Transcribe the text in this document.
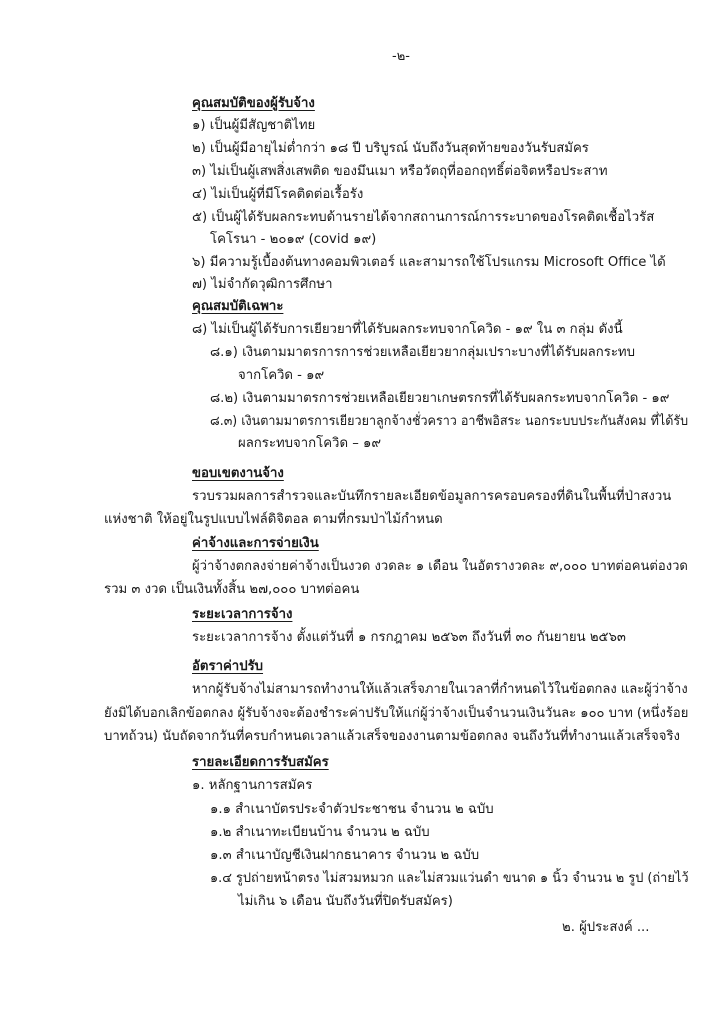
-๒-
คุณสมบัติของผู้รับจ้าง
๑) เป็นผู้มีสัญชาติไทย
๒) เป็นผู้มีอายุไม่ต่ำกว่า ๑๘ ปี บริบูรณ์ นับถึงวันสุดท้ายของวันรับสมัคร
๓) ไม่เป็นผู้เสพสิ่งเสพติด ของมึนเมา หรือวัตถุที่ออกฤทธิ์ต่อจิตหรือประสาท
๔) ไม่เป็นผู้ที่มีโรคติดต่อเรื้อรัง
๕) เป็นผู้ได้รับผลกระทบด้านรายได้จากสถานการณ์การระบาดของโรคติดเชื้อไวรัส
โคโรนา - ๒๐๑๙ (covid ๑๙)
๖) มีความรู้เบื้องต้นทางคอมพิวเตอร์ และสามารถใช้โปรแกรม Microsoft Office ได้
๗) ไม่จำกัดวุฒิการศึกษา
คุณสมบัติเฉพาะ
๘) ไม่เป็นผู้ได้รับการเยียวยาที่ได้รับผลกระทบจากโควิด - ๑๙ ใน ๓ กลุ่ม ดังนี้
๘.๑) เงินตามมาตรการการช่วยเหลือเยียวยากลุ่มเปราะบางที่ได้รับผลกระทบ
จากโควิด - ๑๙
๘.๒) เงินตามมาตรการช่วยเหลือเยียวยาเกษตรกรที่ได้รับผลกระทบจากโควิด - ๑๙
๘.๓) เงินตามมาตรการเยียวยาลูกจ้างชั่วคราว อาชีพอิสระ นอกระบบประกันสังคม ที่ได้รับ
ผลกระทบจากโควิด – ๑๙
ขอบเขตงานจ้าง
รวบรวมผลการสำรวจและบันทึกรายละเอียดข้อมูลการครอบครองที่ดินในพื้นที่ป่าสงวน
แห่งชาติ ให้อยู่ในรูปแบบไฟล์ดิจิตอล ตามที่กรมป่าไม้กำหนด
ค่าจ้างและการจ่ายเงิน
ผู้ว่าจ้างตกลงจ่ายค่าจ้างเป็นงวด งวดละ ๑ เดือน ในอัตรางวดละ ๙,๐๐๐ บาทต่อคนต่องวด
รวม ๓ งวด เป็นเงินทั้งสิ้น ๒๗,๐๐๐ บาทต่อคน
ระยะเวลาการจ้าง
ระยะเวลาการจ้าง ตั้งแต่วันที่ ๑ กรกฎาคม ๒๕๖๓ ถึงวันที่ ๓๐ กันยายน ๒๕๖๓
อัตราค่าปรับ
หากผู้รับจ้างไม่สามารถทำงานให้แล้วเสร็จภายในเวลาที่กำหนดไว้ในข้อตกลง และผู้ว่าจ้าง
ยังมิได้บอกเลิกข้อตกลง ผู้รับจ้างจะต้องชำระค่าปรับให้แก่ผู้ว่าจ้างเป็นจำนวนเงินวันละ ๑๐๐ บาท (หนึ่งร้อย
บาทถ้วน) นับถัดจากวันที่ครบกำหนดเวลาแล้วเสร็จของงานตามข้อตกลง จนถึงวันที่ทำงานแล้วเสร็จจริง
รายละเอียดการรับสมัคร
๑. หลักฐานการสมัคร
๑.๑ สำเนาบัตรประจำตัวประชาชน จำนวน ๒ ฉบับ
๑.๒ สำเนาทะเบียนบ้าน จำนวน ๒ ฉบับ
๑.๓ สำเนาบัญชีเงินฝากธนาคาร จำนวน ๒ ฉบับ
๑.๔ รูปถ่ายหน้าตรง ไม่สวมหมวก และไม่สวมแว่นดำ ขนาด ๑ นิ้ว จำนวน ๒ รูป (ถ่ายไว้
ไม่เกิน ๖ เดือน นับถึงวันที่ปิดรับสมัคร)
๒. ผู้ประสงค์ ...
